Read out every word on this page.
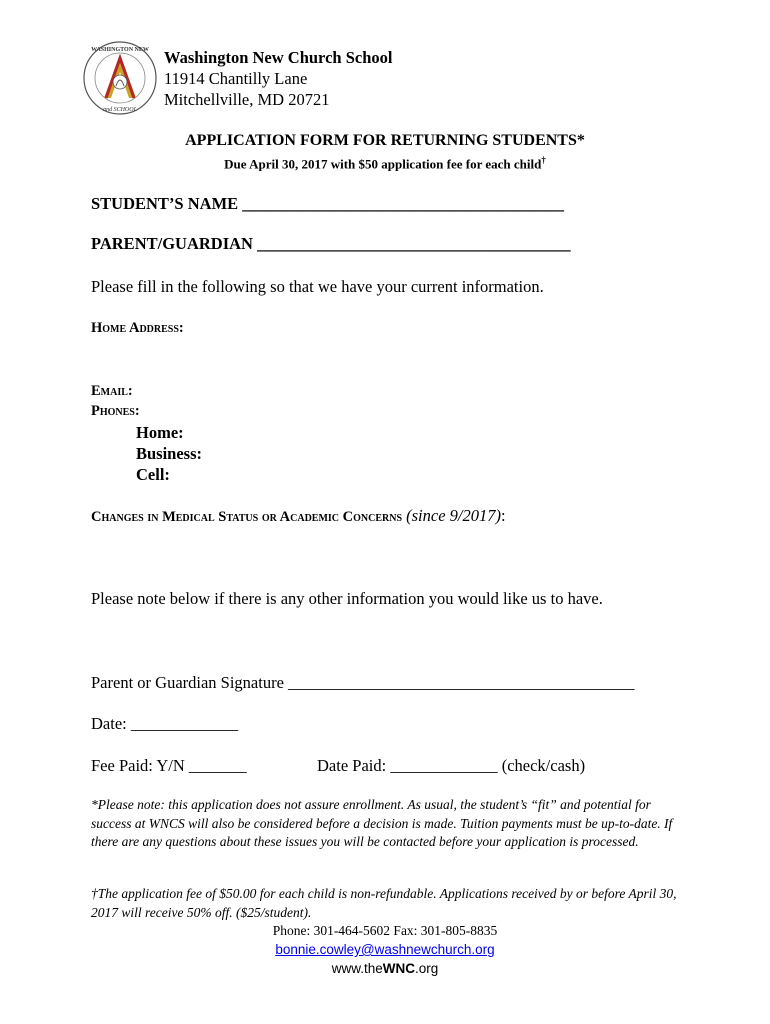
WASHINGTON NEW
and SCHOOL
Washington New Church School
11914 Chantilly Lane
Mitchellville, MD 20721
APPLICATION FORM FOR RETURNING STUDENTS*
Due April 30, 2017 with $50 application fee for each child†
STUDENT’S NAME _______________________________________
PARENT/GUARDIAN ______________________________________
Please fill in the following so that we have your current information.
Home Address:
Email:
Phones:
Home:
Business:
Cell:
Changes in Medical Status or Academic Concerns (since 9/2017):
Please note below if there is any other information you would like us to have.
Parent or Guardian Signature __________________________________________
Date: _____________
Fee Paid: Y/N _______	Date Paid: _____________ (check/cash)
*Please note: this application does not assure enrollment. As usual, the student’s “fit” and potential for success at WNCS will also be considered before a decision is made. Tuition payments must be up-to-date. If there are any questions about these issues you will be contacted before your application is processed.
†The application fee of $50.00 for each child is non-refundable. Applications received by or before April 30, 2017 will receive 50% off. ($25/student).
Phone: 301-464-5602 Fax: 301-805-8835
bonnie.cowley@washnewchurch.org
www.theWNC.org
